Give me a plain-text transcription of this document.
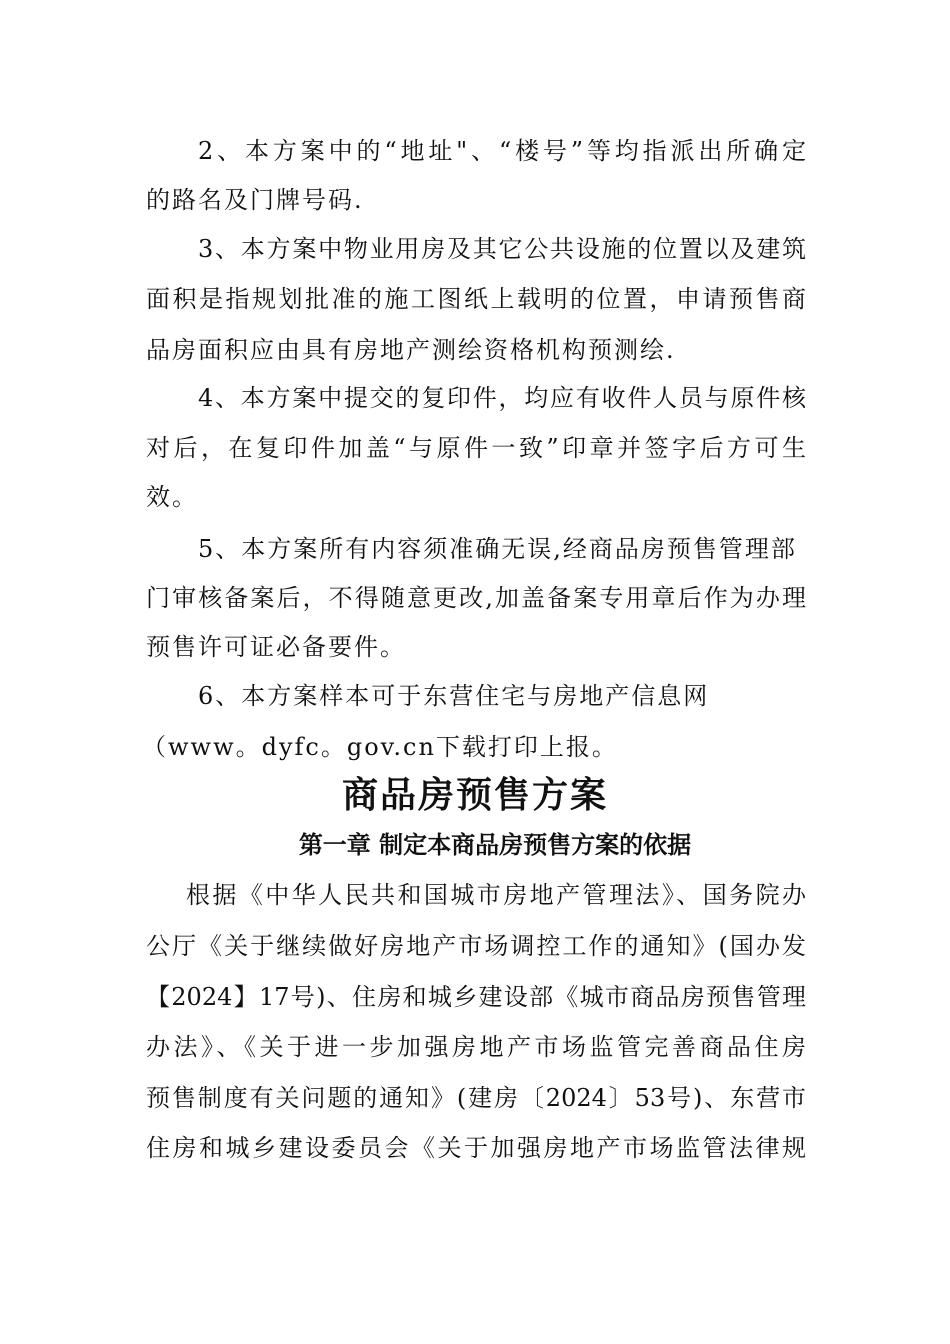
2、本方案中的“地址"、“楼号”等均指派出所确定
的路名及门牌号码.
3、本方案中物业用房及其它公共设施的位置以及建筑
面积是指规划批准的施工图纸上载明的位置，申请预售商
品房面积应由具有房地产测绘资格机构预测绘.
4、本方案中提交的复印件，均应有收件人员与原件核
对后，在复印件加盖“与原件一致”印章并签字后方可生
效。
5、本方案所有内容须准确无误,经商品房预售管理部
门审核备案后，不得随意更改,加盖备案专用章后作为办理
预售许可证必备要件。
6、本方案样本可于东营住宅与房地产信息网
（www。dyfc。gov.cn下载打印上报。
商品房预售方案
第一章 制定本商品房预售方案的依据
根据《中华人民共和国城市房地产管理法》、国务院办
公厅《关于继续做好房地产市场调控工作的通知》(国办发
【2024】17号)、住房和城乡建设部《城市商品房预售管理
办法》、《关于进一步加强房地产市场监管完善商品住房
预售制度有关问题的通知》(建房〔2024〕53号)、东营市
住房和城乡建设委员会《关于加强房地产市场监管法律规
